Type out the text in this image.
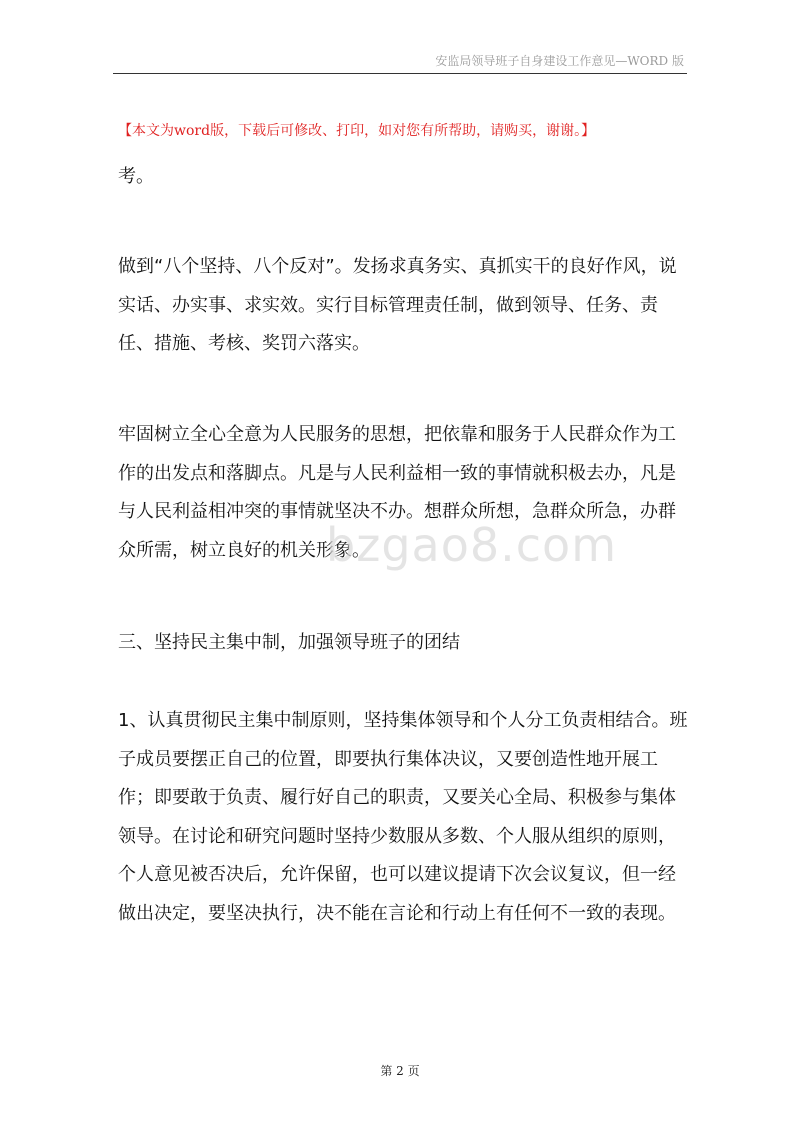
安监局领导班子自身建设工作意见—WORD 版
【本文为word版，下载后可修改、打印，如对您有所帮助，请购买，谢谢。】

考。

做到“八个坚持、八个反对”。发扬求真务实、真抓实干的良好作风，说实话、办实事、求实效。实行目标管理责任制，做到领导、任务、责任、措施、考核、奖罚六落实。

牢固树立全心全意为人民服务的思想，把依靠和服务于人民群众作为工作的出发点和落脚点。凡是与人民利益相一致的事情就积极去办，凡是与人民利益相冲突的事情就坚决不办。想群众所想，急群众所急，办群众所需，树立良好的机关形象。

三、坚持民主集中制，加强领导班子的团结

1、认真贯彻民主集中制原则，坚持集体领导和个人分工负责相结合。班子成员要摆正自己的位置，即要执行集体决议，又要创造性地开展工作；即要敢于负责、履行好自己的职责，又要关心全局、积极参与集体领导。在讨论和研究问题时坚持少数服从多数、个人服从组织的原则，个人意见被否决后，允许保留，也可以建议提请下次会议复议，但一经做出决定，要坚决执行，决不能在言论和行动上有任何不一致的表现。

bzgao8.com
第 2 页
